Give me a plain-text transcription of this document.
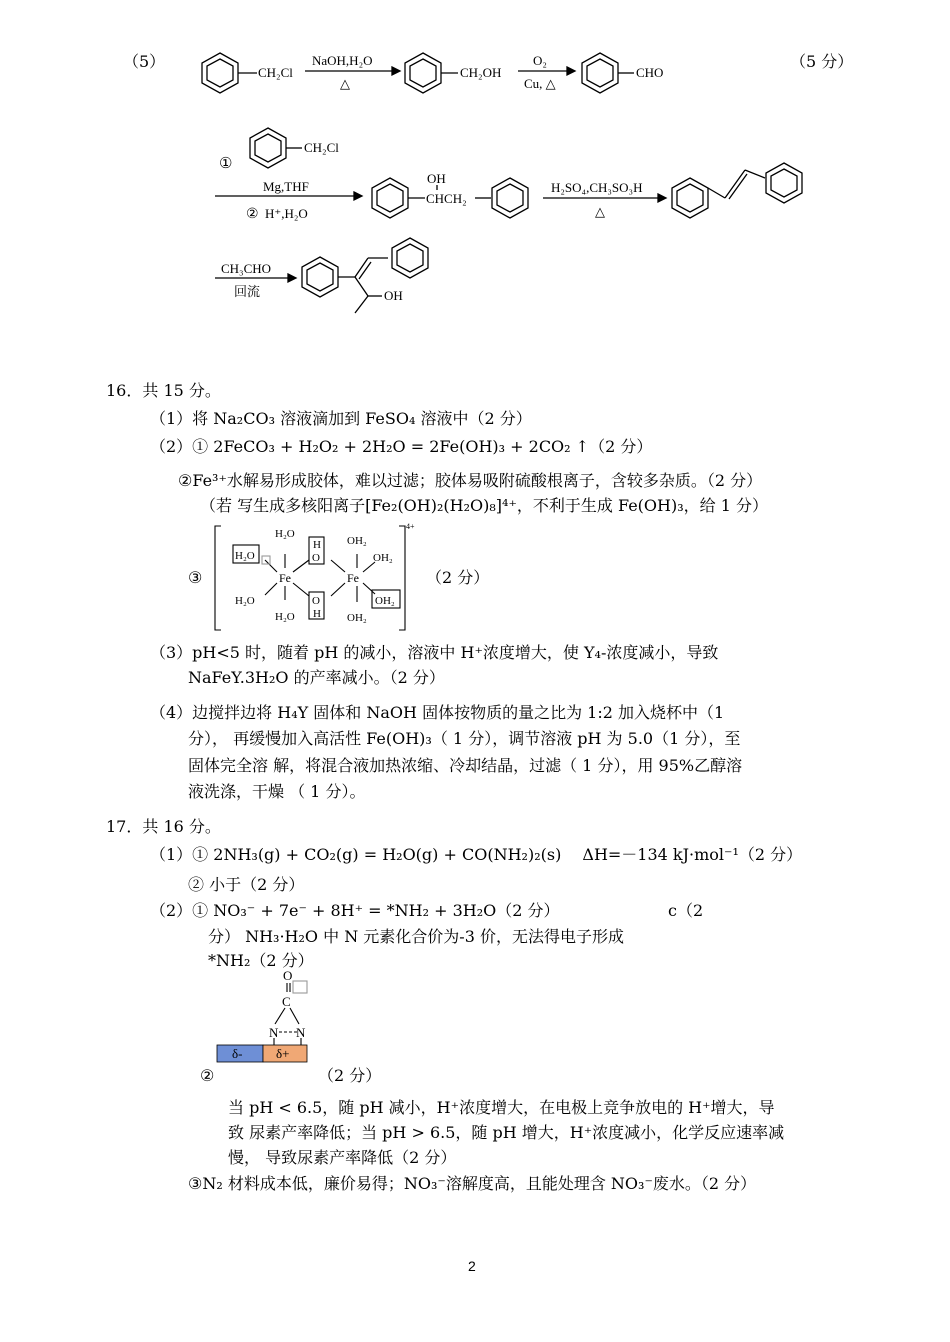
（5）	（5 分）
CH₂Cl
NaOH,H₂O
△
CH₂OH
O₂
Cu, △
CHO
①
CH₂Cl
Mg,THF
② H⁺,H₂O
OH
CHCH₂
H₂SO₄,CH₃SO₃H
△
CH₃CHO
回流	OH
16．共 15 分。
（1）将 Na₂CO₃ 溶液滴加到 FeSO₄ 溶液中（2 分）
（2）① 2FeCO₃ + H₂O₂ + 2H₂O = 2Fe(OH)₃ + 2CO₂ ↑（2 分）
②Fe³⁺水解易形成胶体，难以过滤；胶体易吸附硫酸根离子，含较多杂质。（2 分）
（若 写生成多核阳离子[Fe₂(OH)₂(H₂O)₈]⁴⁺，不利于生成 Fe(OH)₃，给 1 分）
③	（2 分）
H₂O
H₂O
Fe
H₂O
H₂O
H
O
O
H
Fe
OH₂
OH₂
OH₂
OH₂
4+
（3）pH<5 时，随着 pH 的减小，溶液中 H⁺浓度增大，使 Y₄-浓度减小，导致
NaFeY.3H₂O 的产率减小。（2 分）
（4）边搅拌边将 H₄Y 固体和 NaOH 固体按物质的量之比为 1:2 加入烧杯中（1
分）， 再缓慢加入高活性 Fe(OH)₃（ 1 分），调节溶液 pH 为 5.0（1 分），至
固体完全溶 解，将混合液加热浓缩、冷却结晶，过滤（ 1 分），用 95%乙醇溶
液洗涤，干燥 （ 1 分）。
17．共 16 分。
（1）① 2NH₃(g) + CO₂(g) = H₂O(g) + CO(NH₂)₂(s)　 ΔH=－134 kJ·mol⁻¹（2 分）
② 小于（2 分）
（2）① NO₃⁻ + 7e⁻ + 8H⁺ = *NH₂ + 3H₂O（2 分）	c（2
分） NH₃·H₂O 中 N 元素化合价为-3 价，无法得电子形成
*NH₂（2 分）
O
C
N N
δ-	δ+
②	（2 分）
当 pH < 6.5，随 pH 减小，H⁺浓度增大，在电极上竞争放电的 H⁺增大，导
致 尿素产率降低；当 pH > 6.5，随 pH 增大，H⁺浓度减小，化学反应速率减
慢， 导致尿素产率降低（2 分）
③N₂ 材料成本低，廉价易得；NO₃⁻溶解度高，且能处理含 NO₃⁻废水。（2 分）
2
